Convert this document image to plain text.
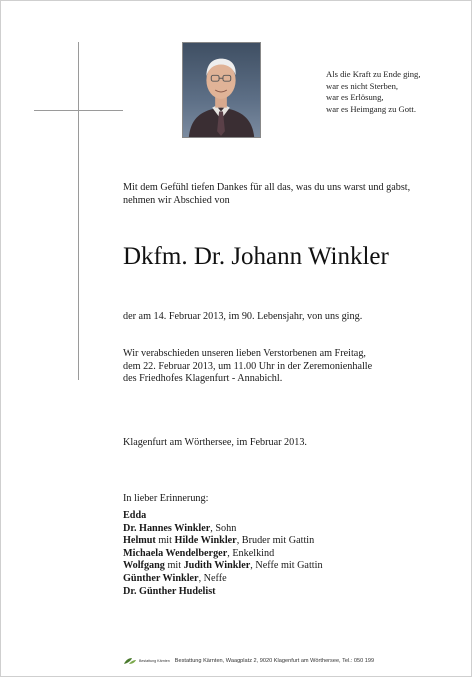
Als die Kraft zu Ende ging,
war es nicht Sterben,
war es Erlösung,
war es Heimgang zu Gott.
Mit dem Gefühl tiefen Dankes für all das, was du uns warst und gabst,
nehmen wir Abschied von
Dkfm. Dr. Johann Winkler
der am 14. Februar 2013, im 90. Lebensjahr, von uns ging.
Wir verabschieden unseren lieben Verstorbenen am Freitag,
dem 22. Februar 2013, um 11.00 Uhr in der Zeremonienhalle
des Friedhofes Klagenfurt - Annabichl.
Klagenfurt am Wörthersee, im Februar 2013.
In lieber Erinnerung:
Edda
Dr. Hannes Winkler, Sohn
Helmut mit Hilde Winkler, Bruder mit Gattin
Michaela Wendelberger, Enkelkind
Wolfgang mit Judith Winkler, Neffe mit Gattin
Günther Winkler, Neffe
Dr. Günther Hudelist
Bestattung Kärnten Bestattung Kärnten, Waagplatz 2, 9020 Klagenfurt am Wörthersee, Tel.: 050 199
